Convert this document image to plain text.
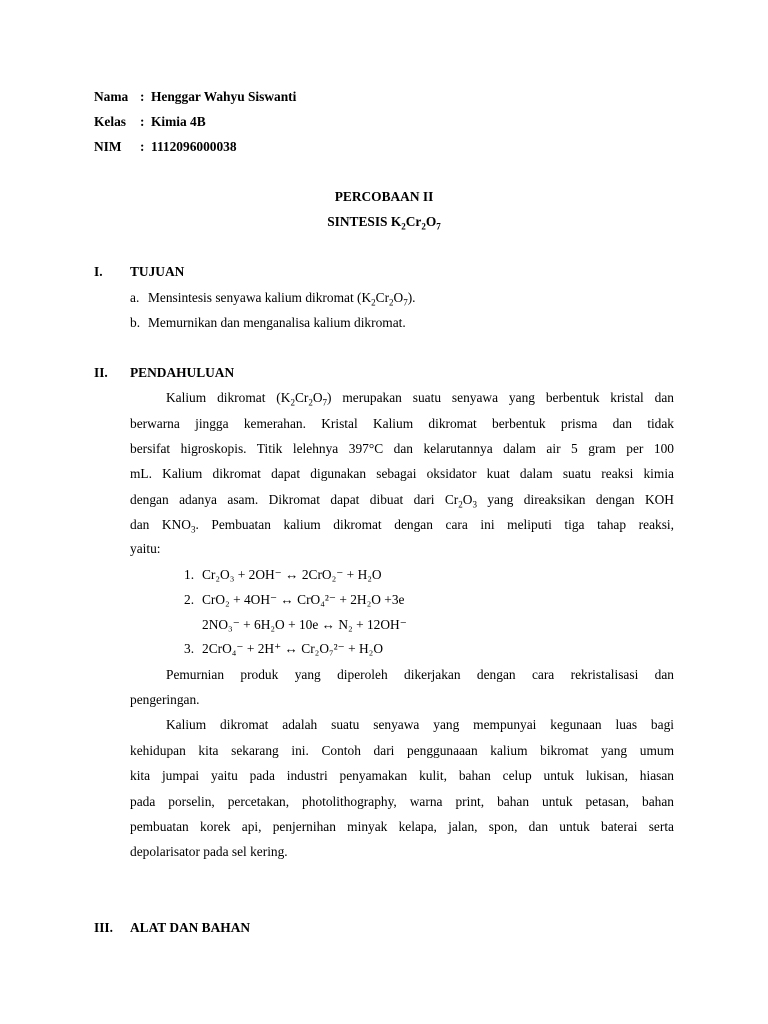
Nama : Henggar Wahyu Siswanti
Kelas : Kimia 4B
NIM : 1112096000038
PERCOBAAN II
SINTESIS $K_2Cr_2O_7$
I. TUJUAN
a. Mensintesis senyawa kalium dikromat $(K_2Cr_2O_7)$.
b. Memurnikan dan menganalisa kalium dikromat.
II. PENDAHULUAN
Kalium dikromat $(K_2Cr_2O_7)$ merupakan suatu senyawa yang berbentuk kristal dan
berwarna jingga kemerahan. Kristal Kalium dikromat berbentuk prisma dan tidak
bersifat higroskopis. Titik lelehnya 397°C dan kelarutannya dalam air 5 gram per 100
mL. Kalium dikromat dapat digunakan sebagai oksidator kuat dalam suatu reaksi kimia
dengan adanya asam. Dikromat dapat dibuat dari $Cr_2O_3$ yang direaksikan dengan KOH
dan $KNO_3$. Pembuatan kalium dikromat dengan cara ini meliputi tiga tahap reaksi,
yaitu:
1. Cr₂O₃ + 2OH⁻ ↔ 2CrO₂⁻ + H₂O
2. CrO₂ + 4OH⁻ ↔ CrO₄²⁻ + 2H₂O +3e
2NO₃⁻ + 6H₂O + 10e ↔ N₂ + 12OH⁻
3. 2CrO₄⁻ + 2H⁺ ↔ Cr₂O₇²⁻ + H₂O
Pemurnian produk yang diperoleh dikerjakan dengan cara rekristalisasi dan
pengeringan.
Kalium dikromat adalah suatu senyawa yang mempunyai kegunaan luas bagi
kehidupan kita sekarang ini. Contoh dari penggunaaan kalium bikromat yang umum
kita jumpai yaitu pada industri penyamakan kulit, bahan celup untuk lukisan, hiasan
pada porselin, percetakan, photolithography, warna print, bahan untuk petasan, bahan
pembuatan korek api, penjernihan minyak kelapa, jalan, spon, dan untuk baterai serta
depolarisator pada sel kering.
III. ALAT DAN BAHAN
